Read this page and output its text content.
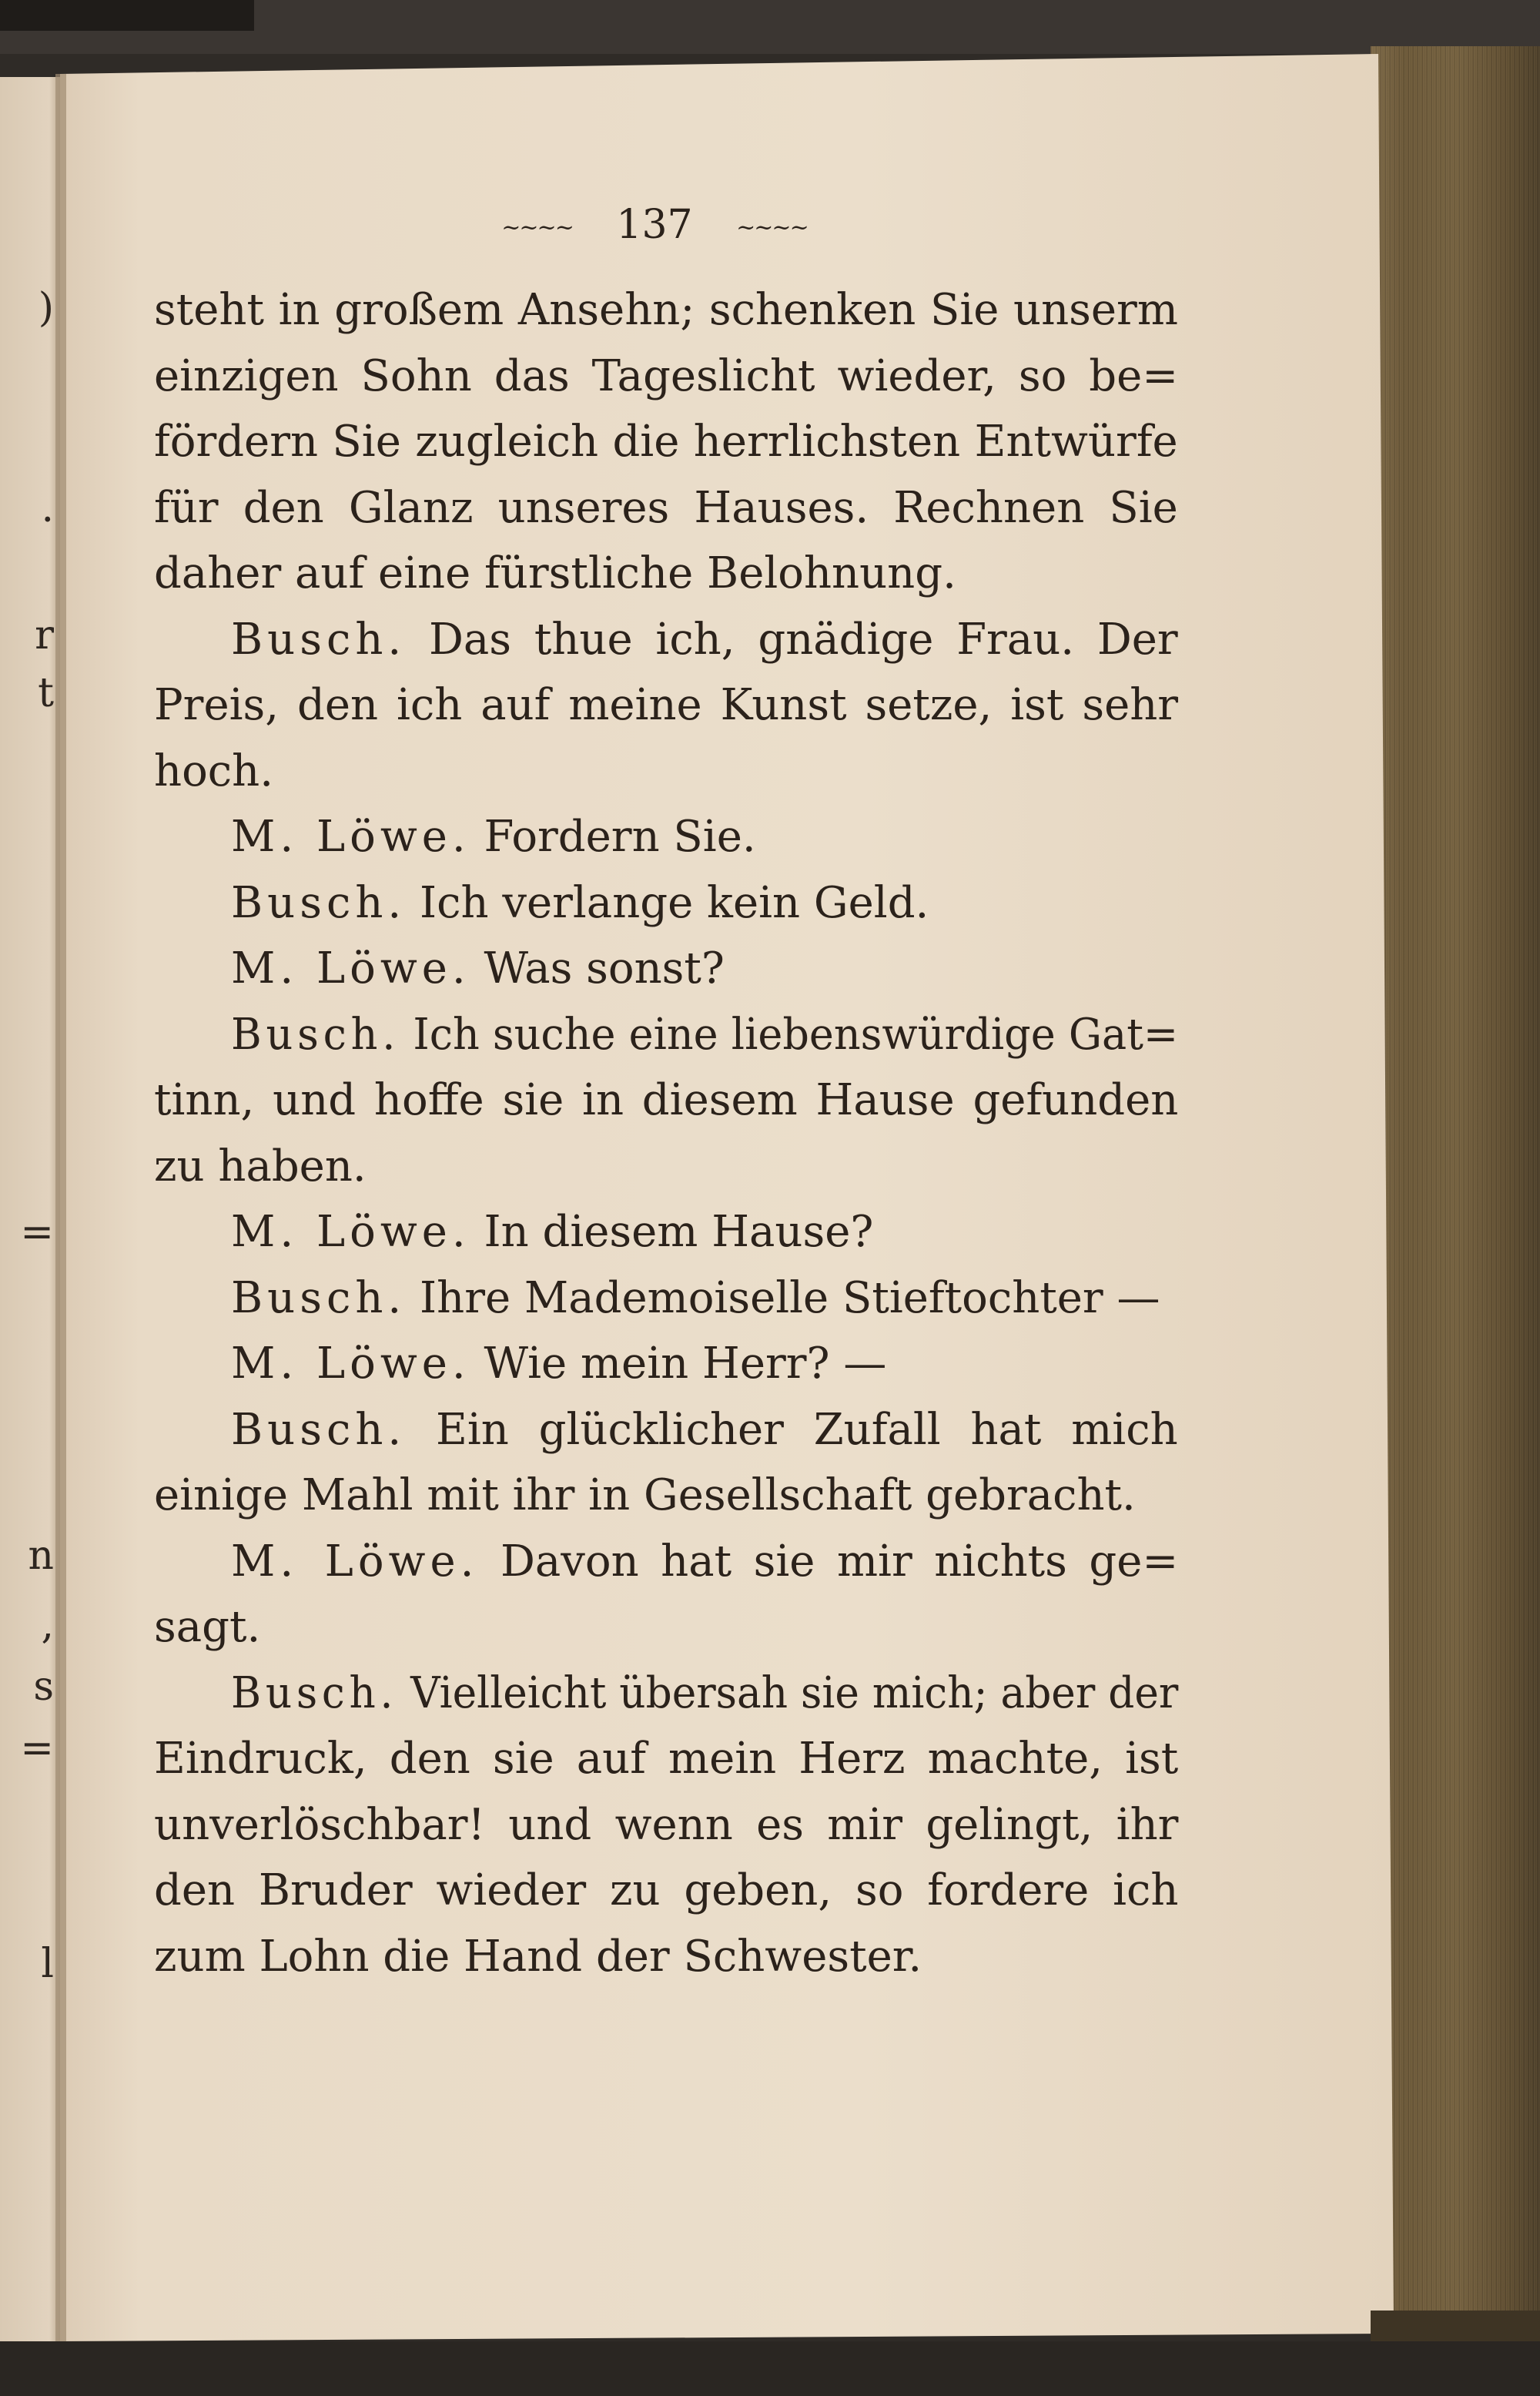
)
.
r
t
=
n
,
s
=
l
~~~~ 137 ~~~~
steht in großem Ansehn; schenken Sie unserm
einzigen Sohn das Tageslicht wieder, so be=
fördern Sie zugleich die herrlichsten Entwürfe
für den Glanz unseres Hauses. Rechnen Sie
daher auf eine fürstliche Belohnung.
Busch. Das thue ich, gnädige Frau. Der
Preis, den ich auf meine Kunst setze, ist sehr
hoch.
M. Löwe. Fordern Sie.
Busch. Ich verlange kein Geld.
M. Löwe. Was sonst?
Busch. Ich suche eine liebenswürdige Gat=
tinn, und hoffe sie in diesem Hause gefunden
zu haben.
M. Löwe. In diesem Hause?
Busch. Ihre Mademoiselle Stieftochter —
M. Löwe. Wie mein Herr? —
Busch. Ein glücklicher Zufall hat mich
einige Mahl mit ihr in Gesellschaft gebracht.
M. Löwe. Davon hat sie mir nichts ge=
sagt.
Busch. Vielleicht übersah sie mich; aber der
Eindruck, den sie auf mein Herz machte, ist
unverlöschbar! und wenn es mir gelingt, ihr
den Bruder wieder zu geben, so fordere ich
zum Lohn die Hand der Schwester.
